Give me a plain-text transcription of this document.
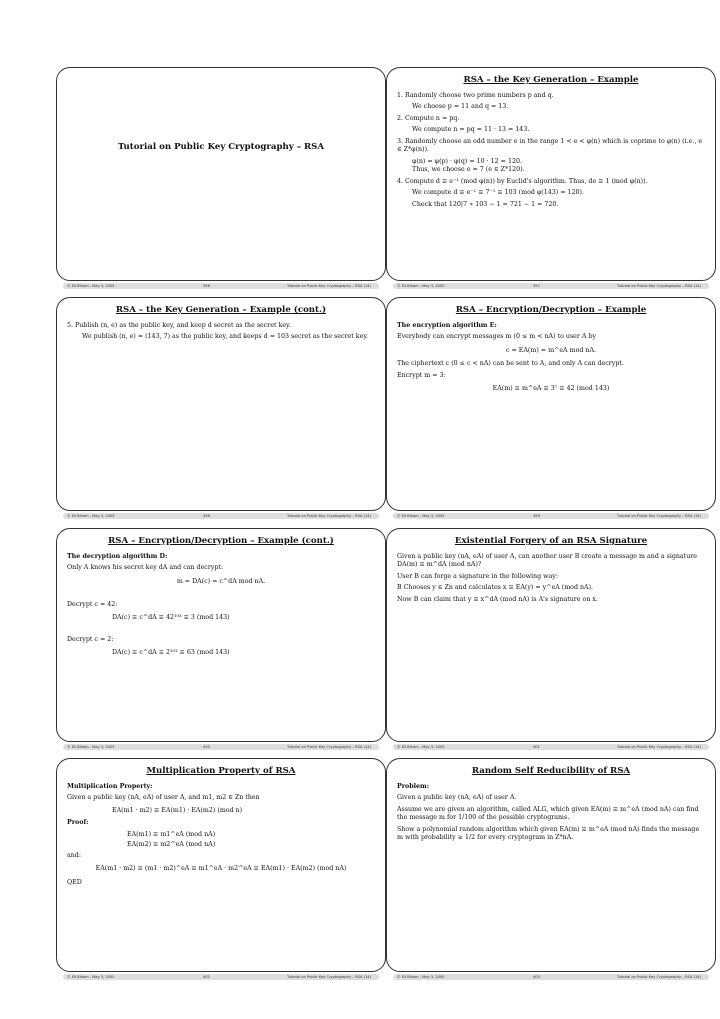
Tutorial on Public Key Cryptography – RSA
© Eli Biham - May 3, 2005	396	Tutorial on Public Key Cryptography – RSA (14)
RSA – the Key Generation – Example
1. Randomly choose two prime numbers p and q.
We choose p = 11 and q = 13.
2. Compute n = pq.
We compute n = pq = 11 · 13 = 143.
3. Randomly choose an odd number e in the range 1 < e < φ(n) which is coprime to φ(n) (i.e., e ∈ Z*φ(n)).
φ(n) = φ(p) · φ(q) = 10 · 12 = 120.
Thus, we choose e = 7 (e ∈ Z*120).
4. Compute d ≡ e⁻¹ (mod φ(n)) by Euclid's algorithm. Thus, de ≡ 1 (mod φ(n)).
We compute d ≡ e⁻¹ ≡ 7⁻¹ ≡ 103 (mod φ(143) = 120).
Check that 120|7 ∗ 103 − 1 = 721 − 1 = 720.
© Eli Biham - May 3, 2005	397	Tutorial on Public Key Cryptography – RSA (14)
RSA – the Key Generation – Example (cont.)
5. Publish (n, e) as the public key, and keep d secret as the secret key.
We publish (n, e) = (143, 7) as the public key, and keeps d = 103 secret as the secret key.
© Eli Biham - May 3, 2005	398	Tutorial on Public Key Cryptography – RSA (14)
RSA – Encryption/Decryption – Example
The encryption algorithm E:
Everybody can encrypt messages m (0 ≤ m < nA) to user A by
c = EA(m) = m^eA mod nA.
The ciphertext c (0 ≤ c < nA) can be sent to A, and only A can decrypt.
Encrypt m = 3:
EA(m) ≡ m^eA ≡ 3⁷ ≡ 42 (mod 143)
© Eli Biham - May 3, 2005	399	Tutorial on Public Key Cryptography – RSA (14)
RSA – Encryption/Decryption – Example (cont.)
The decryption algorithm D:
Only A knows his secret key dA and can decrypt:
m = DA(c) = c^dA mod nA.
Decrypt c = 42:
DA(c) ≡ c^dA ≡ 42¹⁰³ ≡ 3 (mod 143)
Decrypt c = 2:
DA(c) ≡ c^dA ≡ 2¹⁰³ ≡ 63 (mod 143)
© Eli Biham - May 3, 2005	400	Tutorial on Public Key Cryptography – RSA (14)
Existential Forgery of an RSA Signature
Given a public key (nA, eA) of user A, can another user B create a message m and a signature DA(m) ≡ m^dA (mod nA)?
User B can forge a signature in the following way:
B Chooses y ∈ Zn and calculates x ≡ EA(y) = y^eA (mod nA).
Now B can claim that y ≡ x^dA (mod nA) is A's signature on x.
© Eli Biham - May 3, 2005	401	Tutorial on Public Key Cryptography – RSA (14)
Multiplication Property of RSA
Multiplication Property:
Given a public key (nA, eA) of user A, and m1, m2 ∈ Zn then
EA(m1 · m2) ≡ EA(m1) · EA(m2) (mod n)
Proof:
EA(m1) ≡ m1^eA (mod nA)
EA(m2) ≡ m2^eA (mod nA)
and:
EA(m1 · m2) ≡ (m1 · m2)^eA ≡ m1^eA · m2^eA ≡ EA(m1) · EA(m2) (mod nA)
QED
© Eli Biham - May 3, 2005	402	Tutorial on Public Key Cryptography – RSA (14)
Random Self Reducibility of RSA
Problem:
Given a public key (nA, eA) of user A.
Assume we are given an algorithm, called ALG, which given EA(m) ≡ m^eA (mod nA) can find the message m for 1/100 of the possible cryptograms.
Show a polynomial random algorithm which given EA(m) ≡ m^eA (mod nA) finds the message m with probability ≥ 1/2 for every cryptogram in Z*nA.
© Eli Biham - May 3, 2005	403	Tutorial on Public Key Cryptography – RSA (14)
